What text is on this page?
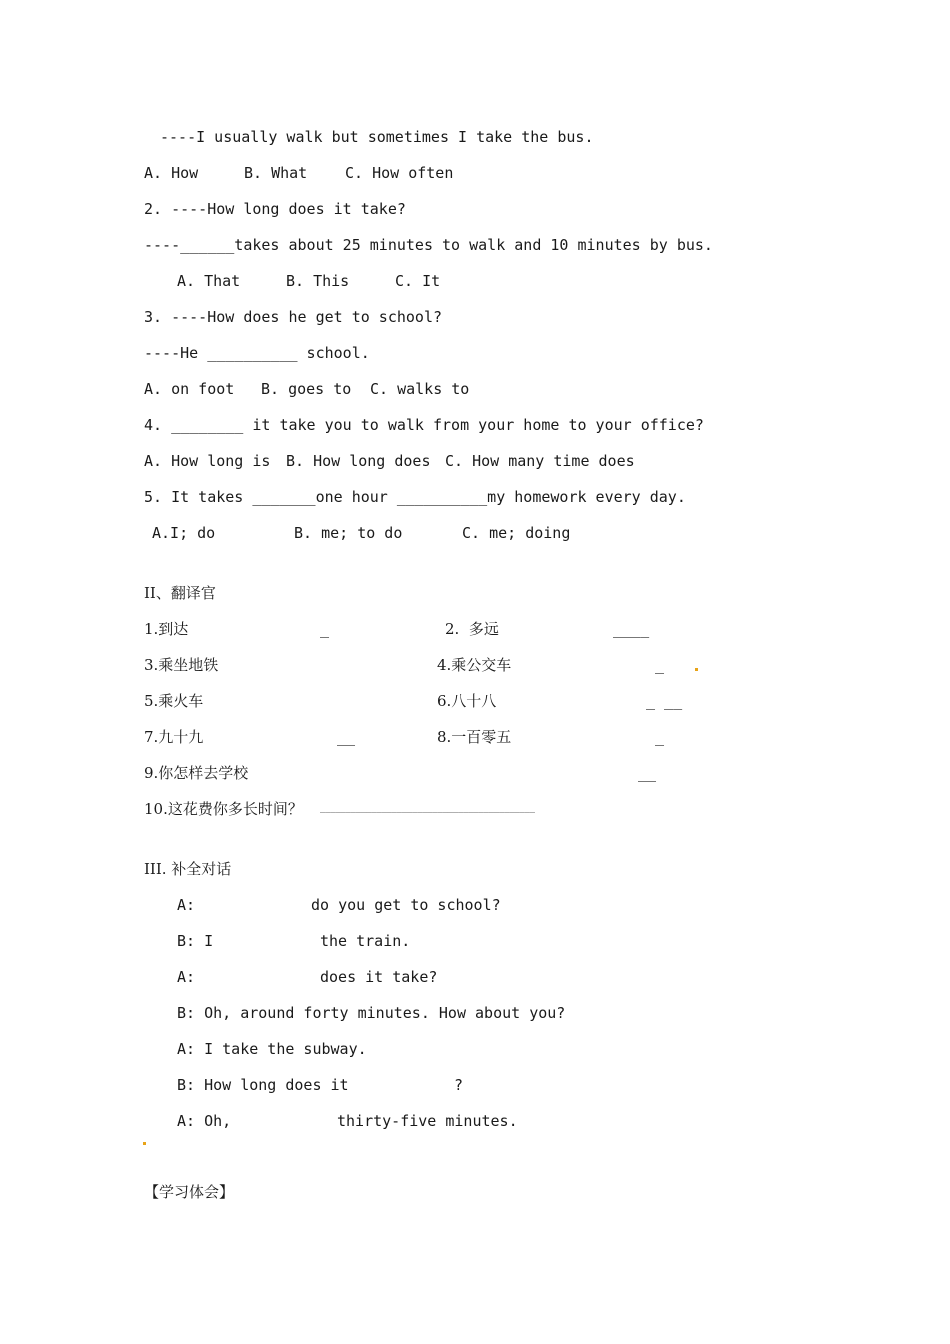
----I usually walk but sometimes I take the bus.
A. How	B. What	C. How often
2. ----How long does it take?
----______takes about 25 minutes to walk and 10 minutes by bus.
A. That	B. This	C. It
3. ----How does he get to school?
----He __________ school.
A. on foot B. goes to C. walks to
4. ________ it take you to walk from your home to your office?
A. How long is B. How long does C. How many time does
5. It takes _______one hour __________my homework every day.
A.I; do	B. me; to do	C. me; doing
II、翻译官
1.到达	_	2.  多远	____
3.乘坐地铁	4.乘公交车	_
5.乘火车	6.八十八	_ __
7.九十九	__	8.一百零五	_
9.你怎样去学校	__
10.这花费你多长时间？ __________________________________________
III. 补全对话
A:	do you get to school?
B: I	the train.
A:	does it take?
B: Oh, around forty minutes. How about you?
A: I take the subway.
B: How long does it	?
A: Oh,	thirty-five minutes.
【学习体会】
